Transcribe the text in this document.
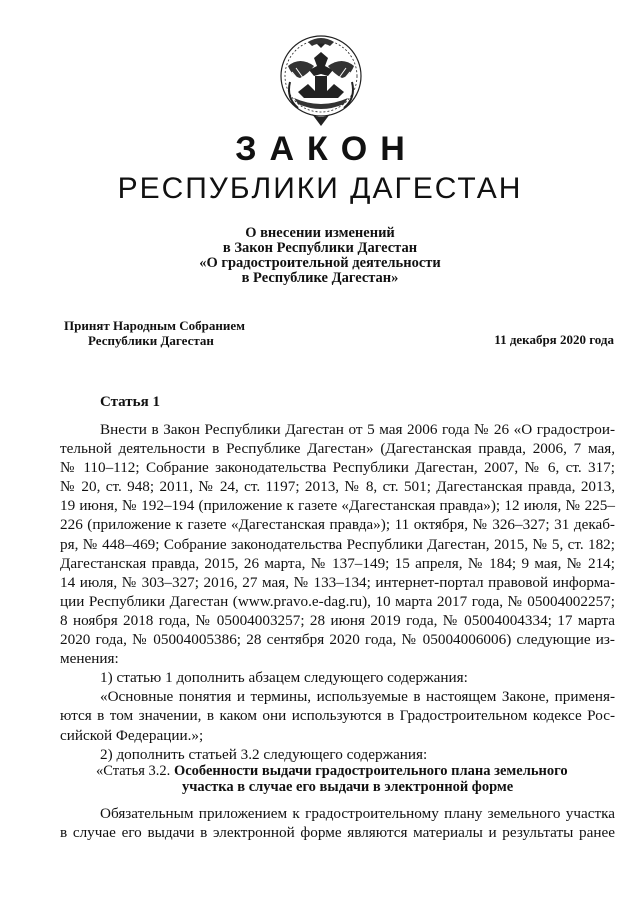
ЗАКОН
РЕСПУБЛИКИ ДАГЕСТАН
О внесении изменений
в Закон Республики Дагестан
«О градостроительной деятельности
в Республике Дагестан»
Принят Народным Собранием
Республики Дагестан	11 декабря 2020 года
Статья 1
Внести в Закон Республики Дагестан от 5 мая 2006 года № 26 «О градострои-
тельной деятельности в Республике Дагестан» (Дагестанская правда, 2006, 7 мая,
№ 110–112; Собрание законодательства Республики Дагестан, 2007, № 6, ст. 317;
№ 20, ст. 948; 2011, № 24, ст. 1197; 2013, № 8, ст. 501; Дагестанская правда, 2013,
19 июня, № 192–194 (приложение к газете «Дагестанская правда»); 12 июля, № 225–
226 (приложение к газете «Дагестанская правда»); 11 октября, № 326–327; 31 декаб-
ря, № 448–469; Собрание законодательства Республики Дагестан, 2015, № 5, ст. 182;
Дагестанская правда, 2015, 26 марта, № 137–149; 15 апреля, № 184; 9 мая, № 214;
14 июля, № 303–327; 2016, 27 мая, № 133–134; интернет-портал правовой информа-
ции Республики Дагестан (www.pravo.e-dag.ru), 10 марта 2017 года, № 05004002257;
8 ноября 2018 года, № 05004003257; 28 июня 2019 года, № 05004004334; 17 марта
2020 года, № 05004005386; 28 сентября 2020 года, № 05004006006) следующие из-
менения:
1) статью 1 дополнить абзацем следующего содержания:
«Основные понятия и термины, используемые в настоящем Законе, применя-
ются в том значении, в каком они используются в Градостроительном кодексе Рос-
сийской Федерации.»;
2) дополнить статьей 3.2 следующего содержания:
«Статья 3.2. Особенности выдачи градостроительного плана земельного
участка в случае его выдачи в электронной форме
Обязательным приложением к градостроительному плану земельного участка
в случае его выдачи в электронной форме являются материалы и результаты ранее
